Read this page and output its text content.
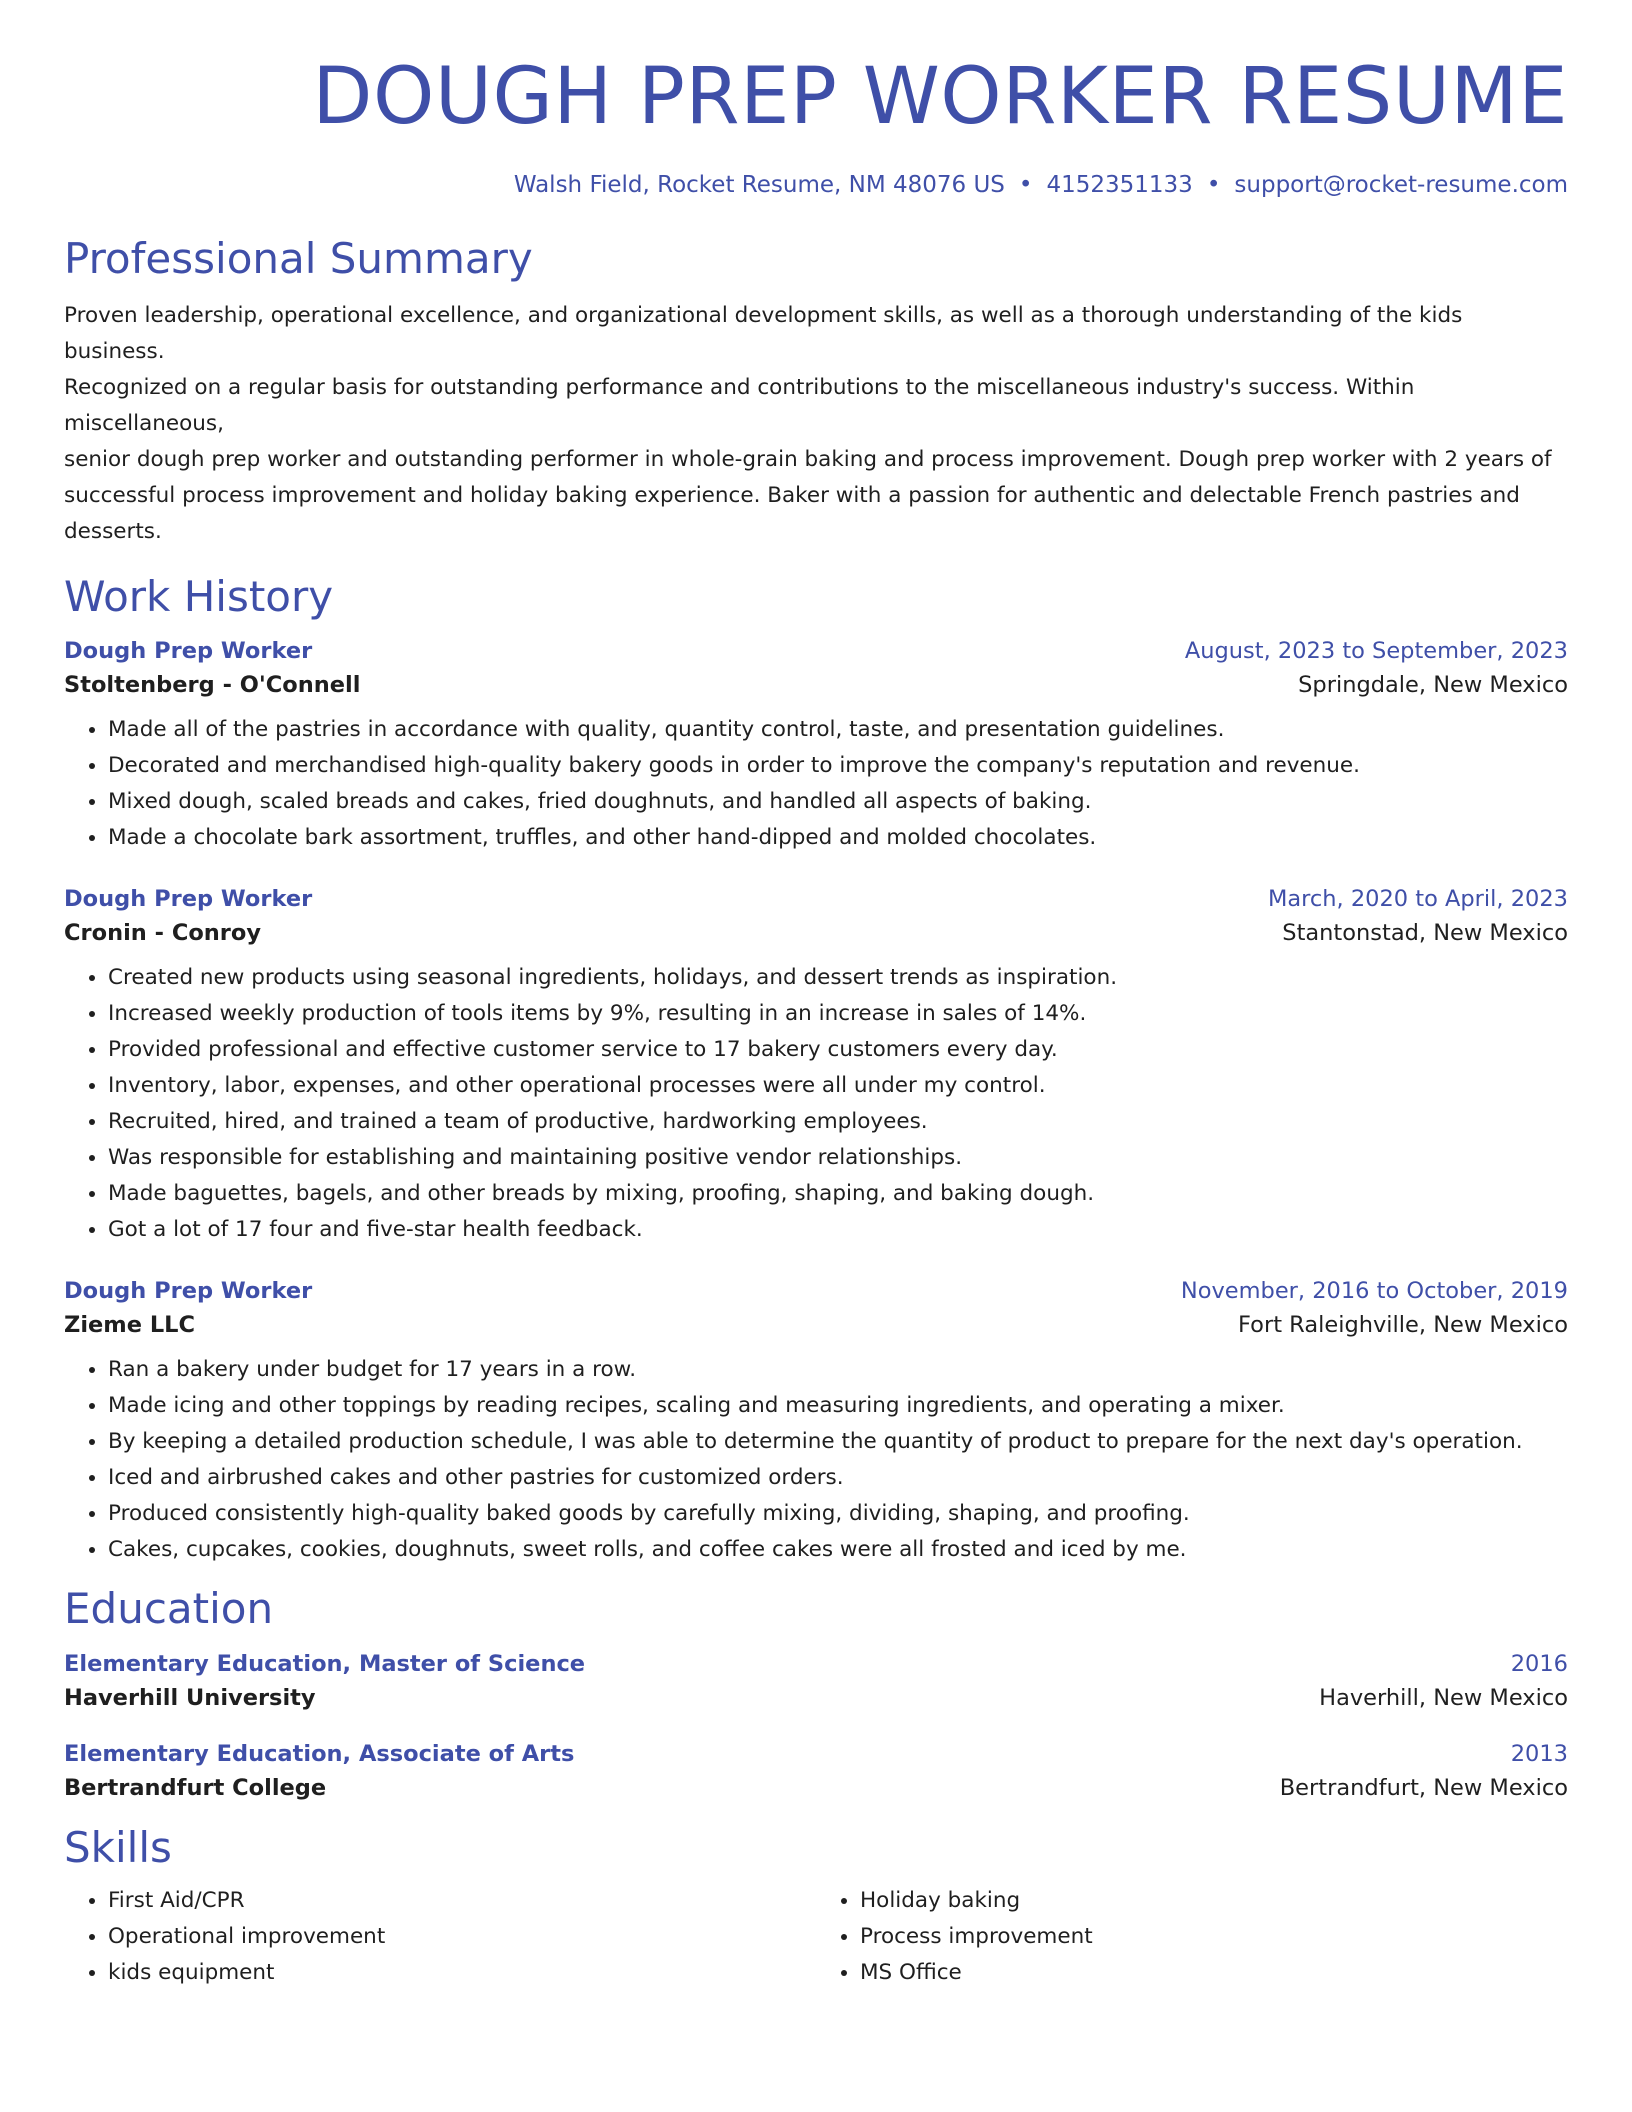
DOUGH PREP WORKER RESUME
Walsh Field, Rocket Resume, NM 48076 US • 4152351133 • support@rocket-resume.com
Professional Summary
Proven leadership, operational excellence, and organizational development skills, as well as a thorough understanding of the kids business.
Recognized on a regular basis for outstanding performance and contributions to the miscellaneous industry's success. Within miscellaneous,
senior dough prep worker and outstanding performer in whole-grain baking and process improvement. Dough prep worker with 2 years of
successful process improvement and holiday baking experience. Baker with a passion for authentic and delectable French pastries and
desserts.
Work History
Dough Prep Worker	August, 2023 to September, 2023
Stoltenberg - O'Connell	Springdale, New Mexico
• Made all of the pastries in accordance with quality, quantity control, taste, and presentation guidelines.
• Decorated and merchandised high-quality bakery goods in order to improve the company's reputation and revenue.
• Mixed dough, scaled breads and cakes, fried doughnuts, and handled all aspects of baking.
• Made a chocolate bark assortment, truffles, and other hand-dipped and molded chocolates.
Dough Prep Worker	March, 2020 to April, 2023
Cronin - Conroy	Stantonstad, New Mexico
• Created new products using seasonal ingredients, holidays, and dessert trends as inspiration.
• Increased weekly production of tools items by 9%, resulting in an increase in sales of 14%.
• Provided professional and effective customer service to 17 bakery customers every day.
• Inventory, labor, expenses, and other operational processes were all under my control.
• Recruited, hired, and trained a team of productive, hardworking employees.
• Was responsible for establishing and maintaining positive vendor relationships.
• Made baguettes, bagels, and other breads by mixing, proofing, shaping, and baking dough.
• Got a lot of 17 four and five-star health feedback.
Dough Prep Worker	November, 2016 to October, 2019
Zieme LLC	Fort Raleighville, New Mexico
• Ran a bakery under budget for 17 years in a row.
• Made icing and other toppings by reading recipes, scaling and measuring ingredients, and operating a mixer.
• By keeping a detailed production schedule, I was able to determine the quantity of product to prepare for the next day's operation.
• Iced and airbrushed cakes and other pastries for customized orders.
• Produced consistently high-quality baked goods by carefully mixing, dividing, shaping, and proofing.
• Cakes, cupcakes, cookies, doughnuts, sweet rolls, and coffee cakes were all frosted and iced by me.
Education
Elementary Education, Master of Science	2016
Haverhill University	Haverhill, New Mexico
Elementary Education, Associate of Arts	2013
Bertrandfurt College	Bertrandfurt, New Mexico
Skills
• First Aid/CPR
• Operational improvement
• kids equipment
• Holiday baking
• Process improvement
• MS Office
